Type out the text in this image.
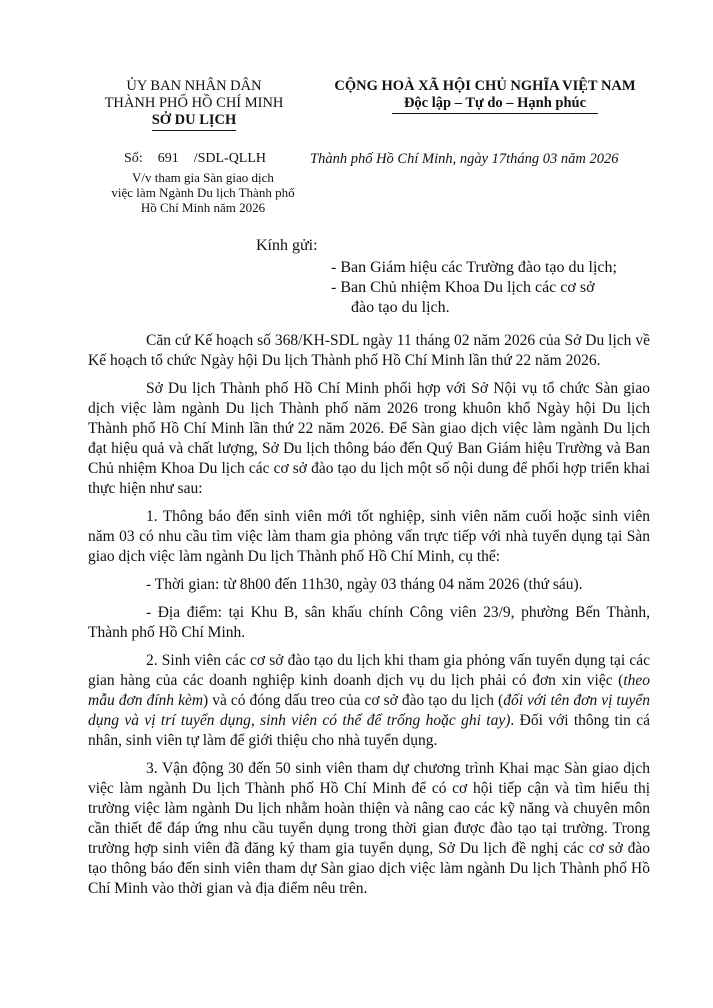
ỦY BAN NHÂN DÂN
THÀNH PHỐ HỒ CHÍ MINH
SỞ DU LỊCH
CỘNG HOÀ XÃ HỘI CHỦ NGHĨA VIỆT NAM
Độc lập – Tự do – Hạnh phúc
Số: 691 /SDL-QLLH	Thành phố Hồ Chí Minh, ngày 17tháng 03 năm 2026
V/v tham gia Sàn giao dịch
việc làm Ngành Du lịch Thành phố
Hồ Chí Minh năm 2026
Kính gửi:

- Ban Giám hiệu các Trường đào tạo du lịch;

- Ban Chủ nhiệm Khoa Du lịch các cơ sở

đào tạo du lịch.

Căn cứ Kế hoạch số 368/KH-SDL ngày 11 tháng 02 năm 2026 của Sở Du lịch về Kế hoạch tổ chức Ngày hội Du lịch Thành phố Hồ Chí Minh lần thứ 22 năm 2026.

Sở Du lịch Thành phố Hồ Chí Minh phối hợp với Sở Nội vụ tổ chức Sàn giao dịch việc làm ngành Du lịch Thành phố năm 2026 trong khuôn khổ Ngày hội Du lịch Thành phố Hồ Chí Minh lần thứ 22 năm 2026. Để Sàn giao dịch việc làm ngành Du lịch đạt hiệu quả và chất lượng, Sở Du lịch thông báo đến Quý Ban Giám hiệu Trường và Ban Chủ nhiệm Khoa Du lịch các cơ sở đào tạo du lịch một số nội dung để phối hợp triển khai thực hiện như sau:

1. Thông báo đến sinh viên mới tốt nghiệp, sinh viên năm cuối hoặc sinh viên năm 03 có nhu cầu tìm việc làm tham gia phỏng vấn trực tiếp với nhà tuyển dụng tại Sàn giao dịch việc làm ngành Du lịch Thành phố Hồ Chí Minh, cụ thể:

- Thời gian: từ 8h00 đến 11h30, ngày 03 tháng 04 năm 2026 (thứ sáu).

- Địa điểm: tại Khu B, sân khấu chính Công viên 23/9, phường Bến Thành, Thành phố Hồ Chí Minh.

2. Sinh viên các cơ sở đào tạo du lịch khi tham gia phỏng vấn tuyển dụng tại các gian hàng của các doanh nghiệp kinh doanh dịch vụ du lịch phải có đơn xin việc (theo mẫu đơn đính kèm) và có đóng dấu treo của cơ sở đào tạo du lịch (đối với tên đơn vị tuyển dụng và vị trí tuyển dụng, sinh viên có thể để trống hoặc ghi tay). Đối với thông tin cá nhân, sinh viên tự làm để giới thiệu cho nhà tuyển dụng.

3. Vận động 30 đến 50 sinh viên tham dự chương trình Khai mạc Sàn giao dịch việc làm ngành Du lịch Thành phố Hồ Chí Minh để có cơ hội tiếp cận và tìm hiểu thị trường việc làm ngành Du lịch nhằm hoàn thiện và nâng cao các kỹ năng và chuyên môn cần thiết để đáp ứng nhu cầu tuyển dụng trong thời gian được đào tạo tại trường. Trong trường hợp sinh viên đã đăng ký tham gia tuyển dụng, Sở Du lịch đề nghị các cơ sở đào tạo thông báo đến sinh viên tham dự Sàn giao dịch việc làm ngành Du lịch Thành phố Hồ Chí Minh vào thời gian và địa điểm nêu trên.
